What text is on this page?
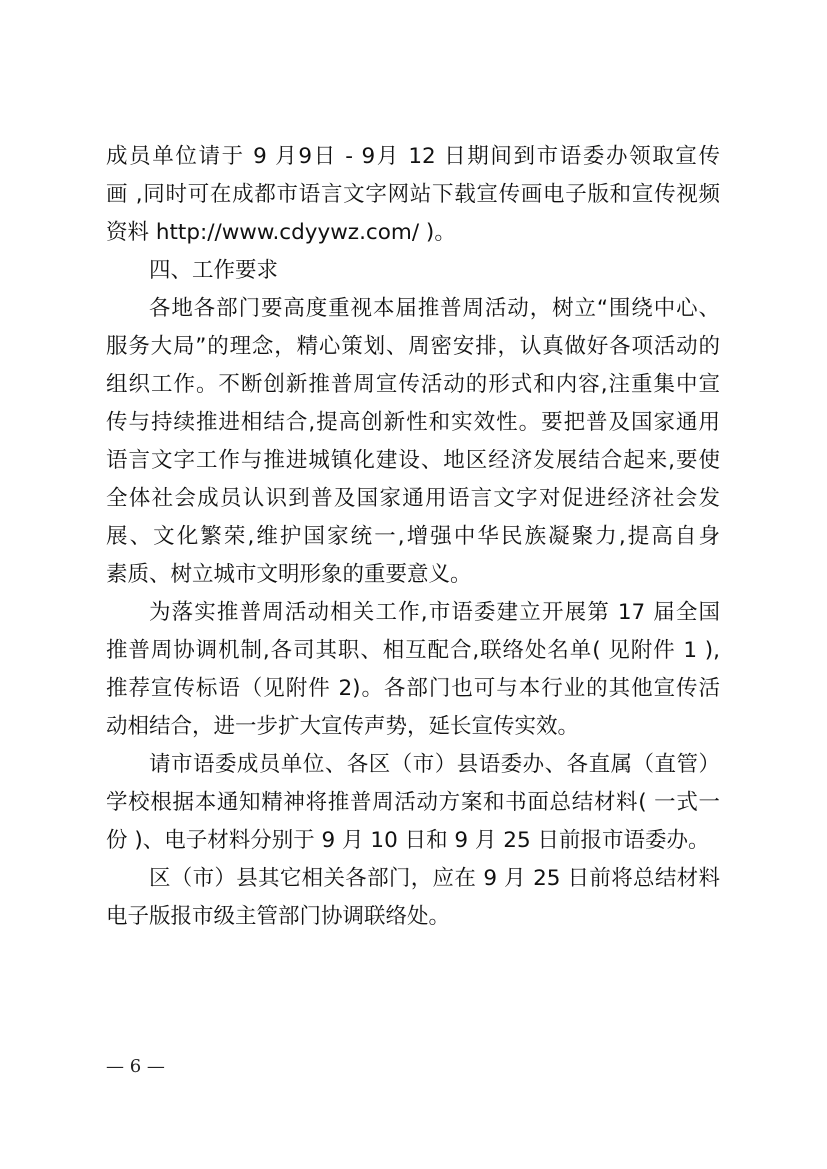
成员单位请于 9 月9日 - 9月 12 日期间到市语委办领取宣传
画 ,同时可在成都市语言文字网站下载宣传画电子版和宣传视频
资料 http://www.cdyywz.com/ )。
四、工作要求
各地各部门要高度重视本届推普周活动，树立“围绕中心、
服务大局”的理念，精心策划、周密安排，认真做好各项活动的
组织工作。不断创新推普周宣传活动的形式和内容,注重集中宣
传与持续推进相结合,提高创新性和实效性。要把普及国家通用
语言文字工作与推进城镇化建设、地区经济发展结合起来,要使
全体社会成员认识到普及国家通用语言文字对促进经济社会发
展、文化繁荣,维护国家统一,增强中华民族凝聚力,提高自身
素质、树立城市文明形象的重要意义。
为落实推普周活动相关工作,市语委建立开展第 17 届全国
推普周协调机制,各司其职、相互配合,联络处名单( 见附件 1 ),
推荐宣传标语（见附件 2)。各部门也可与本行业的其他宣传活
动相结合，进一步扩大宣传声势，延长宣传实效。
请市语委成员单位、各区（市）县语委办、各直属（直管）
学校根据本通知精神将推普周活动方案和书面总结材料( 一式一
份 )、电子材料分别于 9 月 10 日和 9 月 25 日前报市语委办。
区（市）县其它相关各部门，应在 9 月 25 日前将总结材料
电子版报市级主管部门协调联络处。
— 6 —
